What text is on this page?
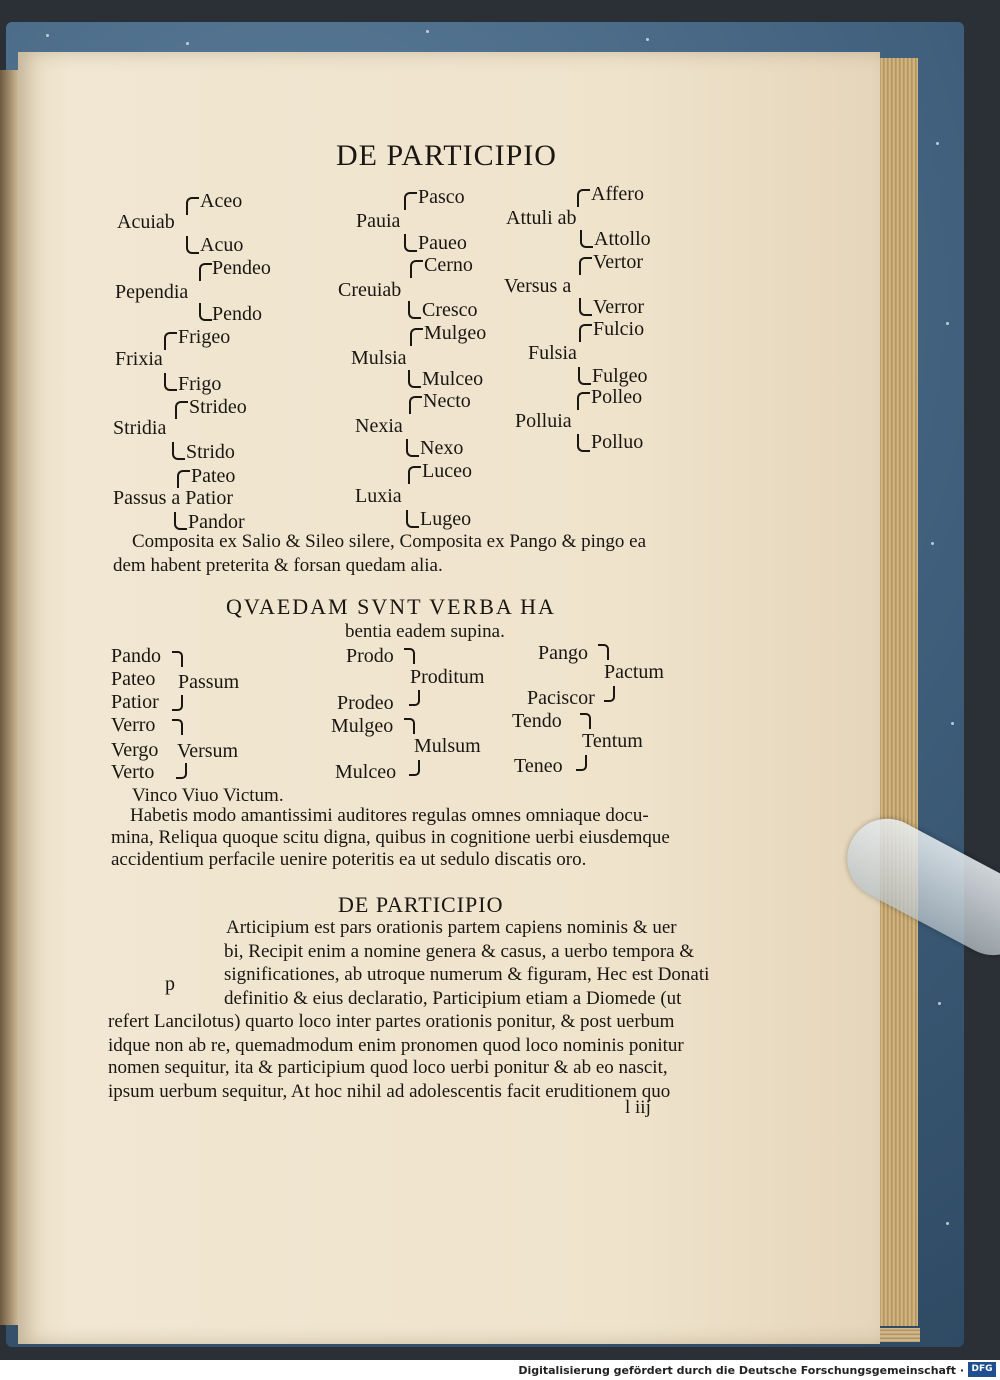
DE PARTICIPIO
Aceo
Acuiab
Acuo
Pendeo
Pependia
Pendo
Frigeo
Frixia
Frigo
Strideo
Stridia
Strido
Pateo
Passus a Patior
Pandor
Pasco
Pauia
Paueo
Cerno
Creuiab
Cresco
Mulgeo
Mulsia
Mulceo
Necto
Nexia
Nexo
Luceo
Luxia
Lugeo
Affero
Attuli ab
Attollo
Vertor
Versus a
Verror
Fulcio
Fulsia
Fulgeo
Polleo
Polluia
Polluo
Composita ex Salio & Sileo silere, Composita ex Pango & pingo ea
dem habent preterita & forsan quedam alia.
QVAEDAM SVNT VERBA HA
bentia eadem supina.
Pando
Pateo
Patior
Verro
Vergo
Verto
Passum
Versum
Prodo
Prodeo
Mulgeo
Mulceo
Proditum
Mulsum
Pango
Paciscor
Tendo
Teneo
Pactum
Tentum
Vinco Viuo Victum.
Habetis modo amantissimi auditores regulas omnes omniaque docu-
mina, Reliqua quoque scitu digna, quibus in cognitione uerbi eiusdemque
accidentium perfacile uenire poteritis ea ut sedulo discatis oro.
DE PARTICIPIO
p
Articipium est pars orationis partem capiens nominis & uer
bi, Recipit enim a nomine genera & casus, a uerbo tempora &
significationes, ab utroque numerum & figuram, Hec est Donati
definitio & eius declaratio, Participium etiam a Diomede (ut
refert Lancilotus) quarto loco inter partes orationis ponitur, & post uerbum
idque non ab re, quemadmodum enim pronomen quod loco nominis ponitur
nomen sequitur, ita & participium quod loco uerbi ponitur & ab eo nascit,
ipsum uerbum sequitur, At hoc nihil ad adolescentis facit eruditionem quo
l iij
Digitalisierung gefördert durch die Deutsche Forschungsgemeinschaft · DFG
